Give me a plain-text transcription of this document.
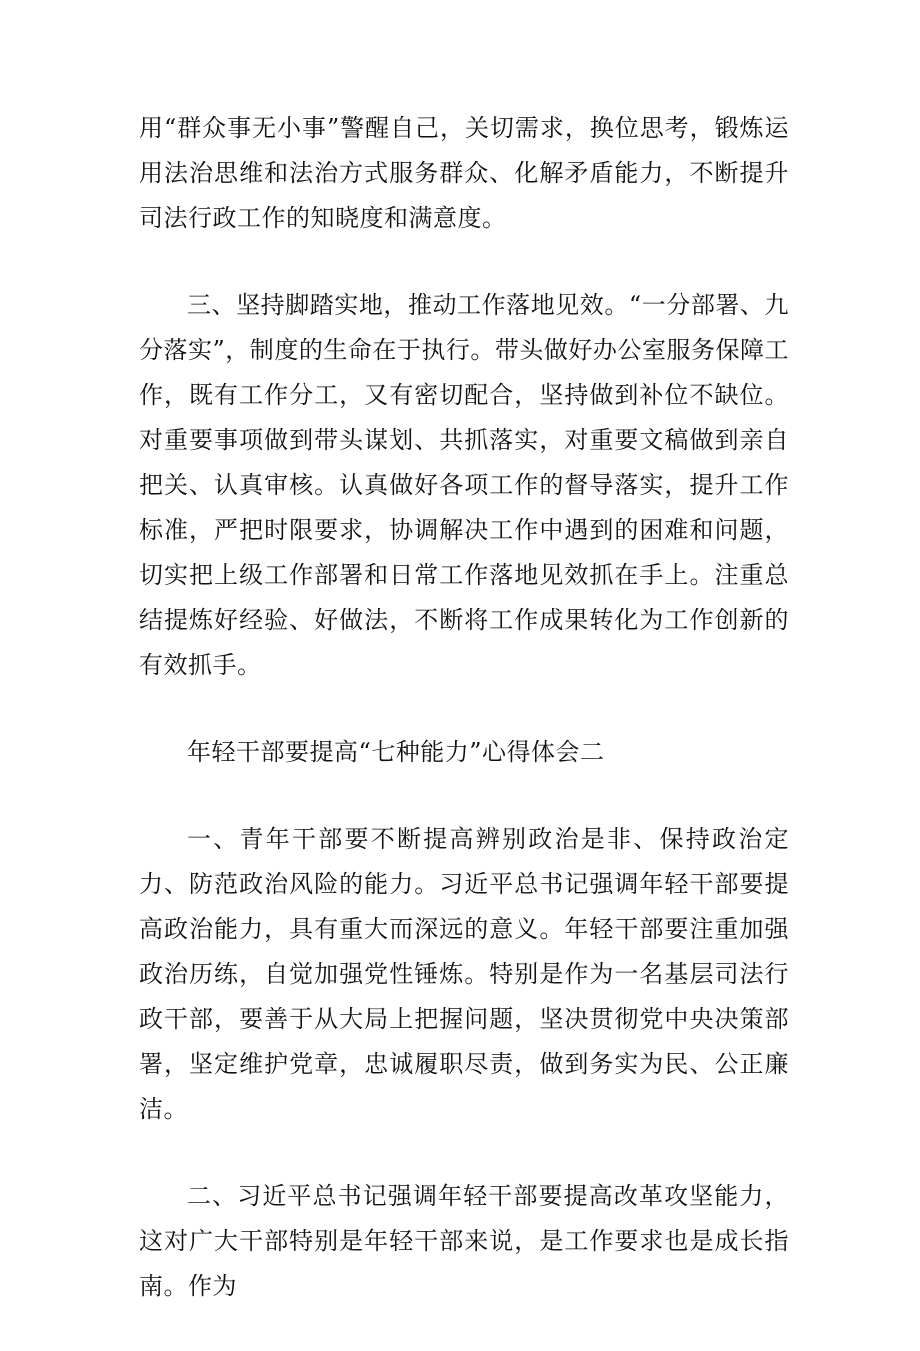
用“群众事无小事”警醒自己，关切需求，换位思考，锻炼运用法治思维和法治方式服务群众、化解矛盾能力，不断提升司法行政工作的知晓度和满意度。

三、坚持脚踏实地，推动工作落地见效。“一分部署、九分落实”，制度的生命在于执行。带头做好办公室服务保障工作，既有工作分工，又有密切配合，坚持做到补位不缺位。对重要事项做到带头谋划、共抓落实，对重要文稿做到亲自把关、认真审核。认真做好各项工作的督导落实，提升工作标准，严把时限要求，协调解决工作中遇到的困难和问题，切实把上级工作部署和日常工作落地见效抓在手上。注重总结提炼好经验、好做法，不断将工作成果转化为工作创新的有效抓手。

年轻干部要提高“七种能力”心得体会二

一、青年干部要不断提高辨别政治是非、保持政治定力、防范政治风险的能力。习近平总书记强调年轻干部要提高政治能力，具有重大而深远的意义。年轻干部要注重加强政治历练，自觉加强党性锤炼。特别是作为一名基层司法行政干部，要善于从大局上把握问题，坚决贯彻党中央决策部署，坚定维护党章，忠诚履职尽责，做到务实为民、公正廉洁。

二、习近平总书记强调年轻干部要提高改革攻坚能力，这对广大干部特别是年轻干部来说，是工作要求也是成长指南。作为
